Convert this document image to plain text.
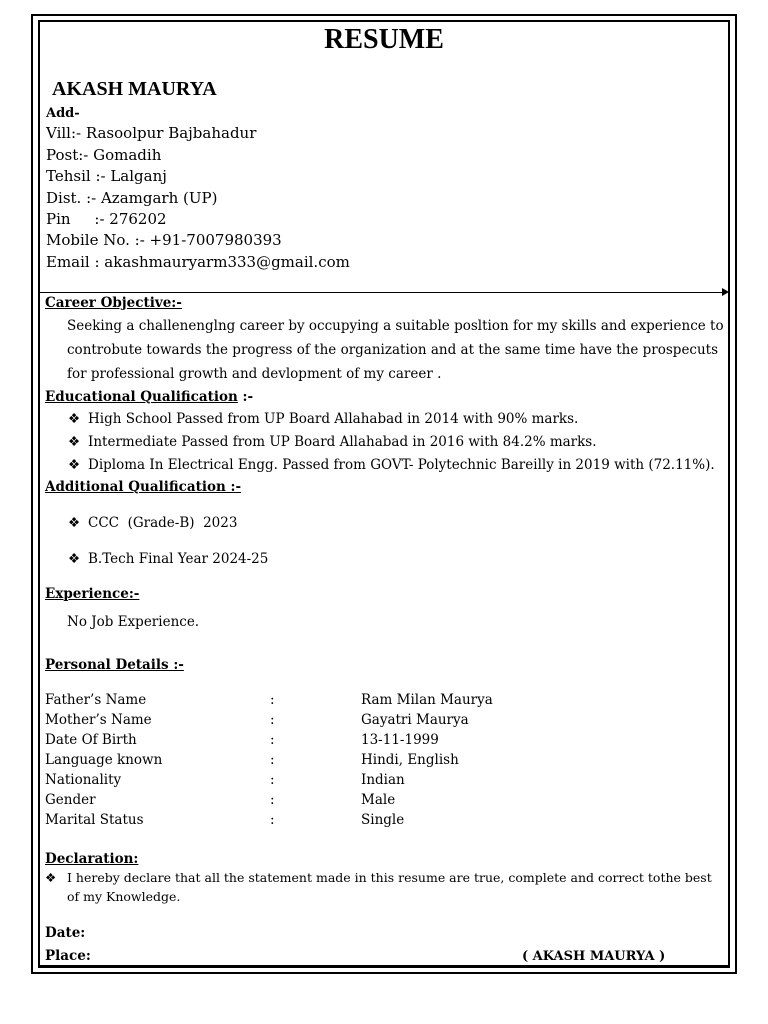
RESUME
AKASH MAURYA
Add-
Vill:- Rasoolpur Bajbahadur
Post:- Gomadih
Tehsil :- Lalganj
Dist. :- Azamgarh (UP)
Pin     :- 276202
Mobile No. :- +91-7007980393
Email : akashmauryarm333@gmail.com
Career Objective:-
Seeking a challenenglng career by occupying a suitable posltion for my skills and experience to
controbute towards the progress of the organization and at the same time have the prospecuts
for professional growth and devlopment of my career .
Educational Qualification :-
❖ High School Passed from UP Board Allahabad in 2014 with 90% marks.
❖ Intermediate Passed from UP Board Allahabad in 2016 with 84.2% marks.
❖ Diploma In Electrical Engg. Passed from GOVT- Polytechnic Bareilly in 2019 with (72.11%).
Additional Qualification :-
❖ CCC  (Grade-B)  2023
❖ B.Tech Final Year 2024-25
Experience:-
No Job Experience.
Personal Details :-
Father’s Name	:	Ram Milan Maurya
Mother’s Name	:	Gayatri Maurya
Date Of Birth	:	13-11-1999
Language known	:	Hindi, English
Nationality	:	Indian
Gender	:	Male
Marital Status	:	Single
Declaration:
❖ I hereby declare that all the statement made in this resume are true, complete and correct tothe best
of my Knowledge.
Date:
Place:	( AKASH MAURYA )
